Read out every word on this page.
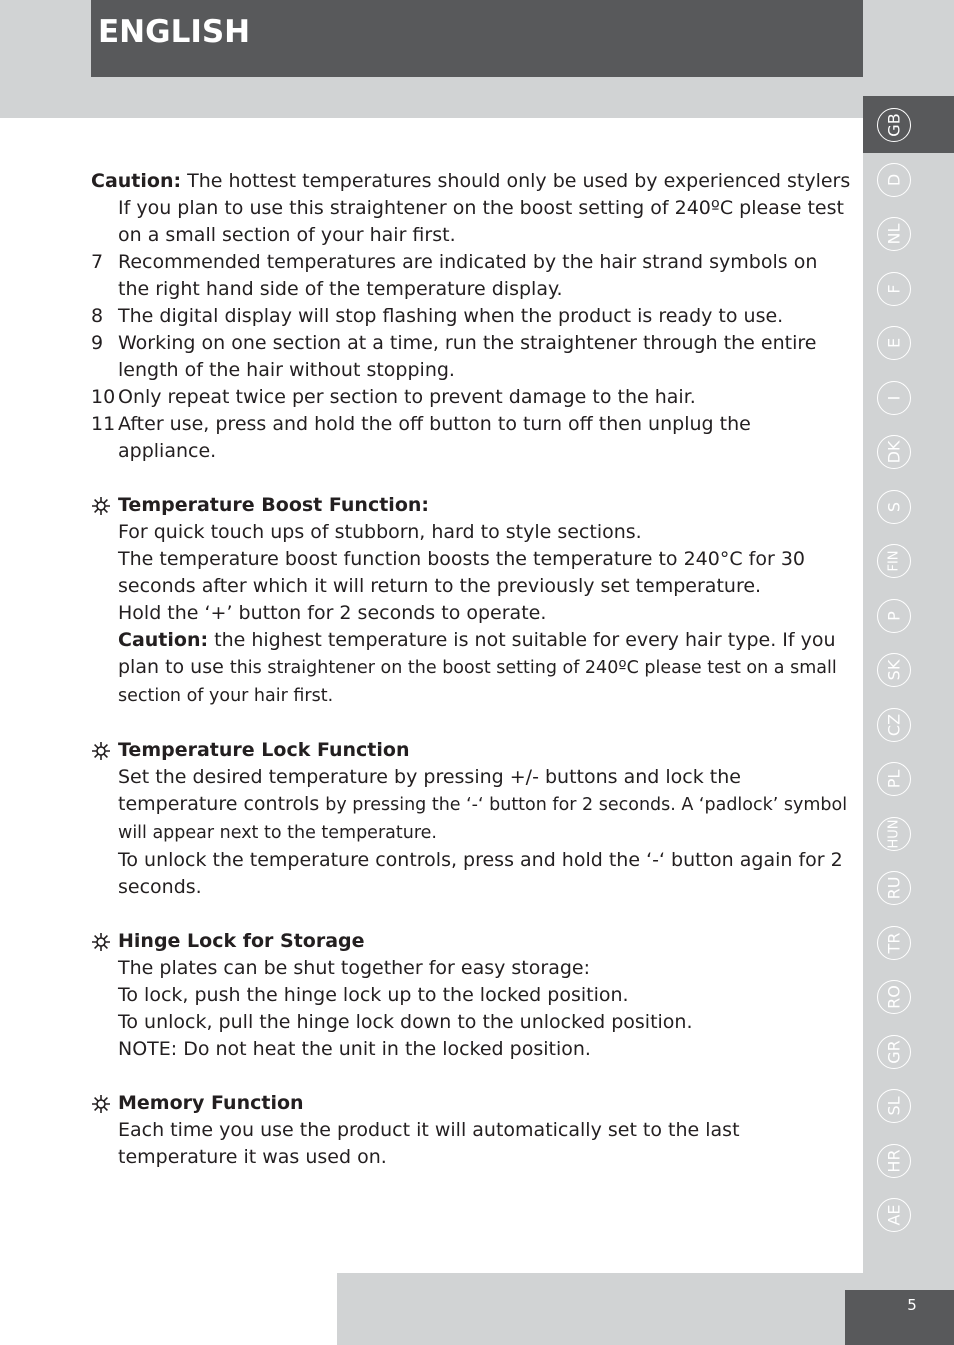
ENGLISH
GB
D
NL
F
E
I
DK
S
FIN
P
SK
CZ
PL
HUN
RU
TR
RO
GR
SL
HR
AE
5

Caution: The hottest temperatures should only be used by experienced stylers

If you plan to use this straightener on the boost setting of 240ºC please test on a small section of your hair first.

7 Recommended temperatures are indicated by the hair strand symbols on the right hand side of the temperature display.
8 The digital display will stop flashing when the product is ready to use.
9 Working on one section at a time, run the straightener through the entire length of the hair without stopping.
10 Only repeat twice per section to prevent damage to the hair.
11 After use, press and hold the off button to turn off then unplug the appliance.
Temperature Boost Function:

For quick touch ups of stubborn, hard to style sections.

The temperature boost function boosts the temperature to 240°C for 30 seconds after which it will return to the previously set temperature.

Hold the ‘+’ button for 2 seconds to operate.

Caution: the highest temperature is not suitable for every hair type. If you plan to use this straightener on the boost setting of 240ºC please test on a small section of your hair first.

Temperature Lock Function

Set the desired temperature by pressing +/- buttons and lock the temperature controls by pressing the ‘-‘ button for 2 seconds. A ‘padlock’ symbol will appear next to the temperature.

To unlock the temperature controls, press and hold the ‘-‘ button again for 2 seconds.

Hinge Lock for Storage

The plates can be shut together for easy storage:

To lock, push the hinge lock up to the locked position.

To unlock, pull the hinge lock down to the unlocked position.

NOTE: Do not heat the unit in the locked position.

Memory Function

Each time you use the product it will automatically set to the last temperature it was used on.
